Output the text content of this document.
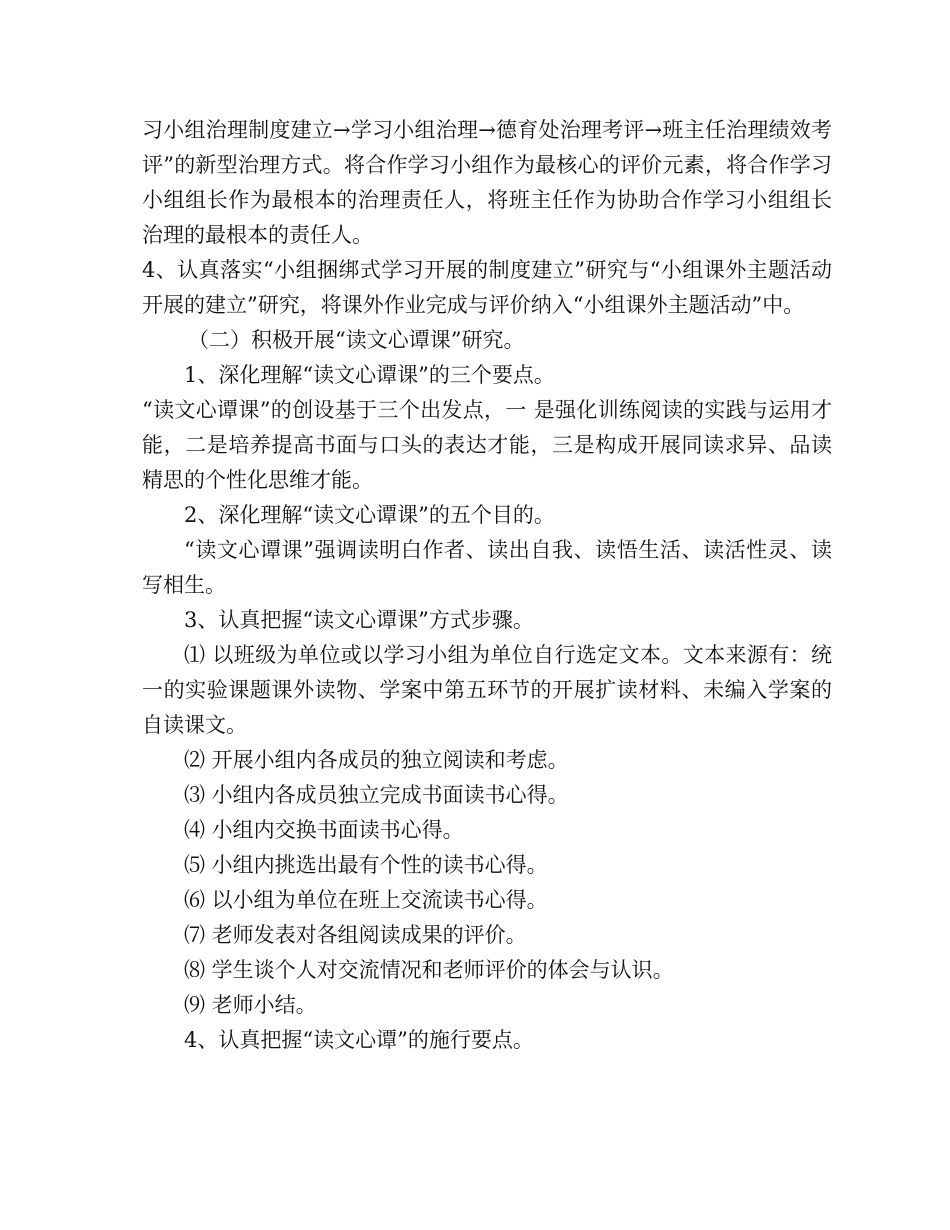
习小组治理制度建立→学习小组治理→德育处治理考评→班主任治理绩效考评”的新型治理方式。将合作学习小组作为最核心的评价元素，将合作学习小组组长作为最根本的治理责任人，将班主任作为协助合作学习小组组长治理的最根本的责任人。

4、认真落实“小组捆绑式学习开展的制度建立”研究与“小组课外主题活动开展的建立”研究，将课外作业完成与评价纳入“小组课外主题活动”中。

（二）积极开展“读文心谭课”研究。

1、深化理解“读文心谭课”的三个要点。

“读文心谭课”的创设基于三个出发点，一 是强化训练阅读的实践与运用才能，二是培养提高书面与口头的表达才能，三是构成开展同读求异、品读精思的个性化思维才能。

2、深化理解“读文心谭课”的五个目的。

“读文心谭课”强调读明白作者、读出自我、读悟生活、读活性灵、读写相生。

3、认真把握“读文心谭课”方式步骤。

⑴ 以班级为单位或以学习小组为单位自行选定文本。文本来源有：统一的实验课题课外读物、学案中第五环节的开展扩读材料、未编入学案的自读课文。

⑵ 开展小组内各成员的独立阅读和考虑。

⑶ 小组内各成员独立完成书面读书心得。

⑷ 小组内交换书面读书心得。

⑸ 小组内挑选出最有个性的读书心得。

⑹ 以小组为单位在班上交流读书心得。

⑺ 老师发表对各组阅读成果的评价。

⑻ 学生谈个人对交流情况和老师评价的体会与认识。

⑼ 老师小结。

4、认真把握“读文心谭”的施行要点。
